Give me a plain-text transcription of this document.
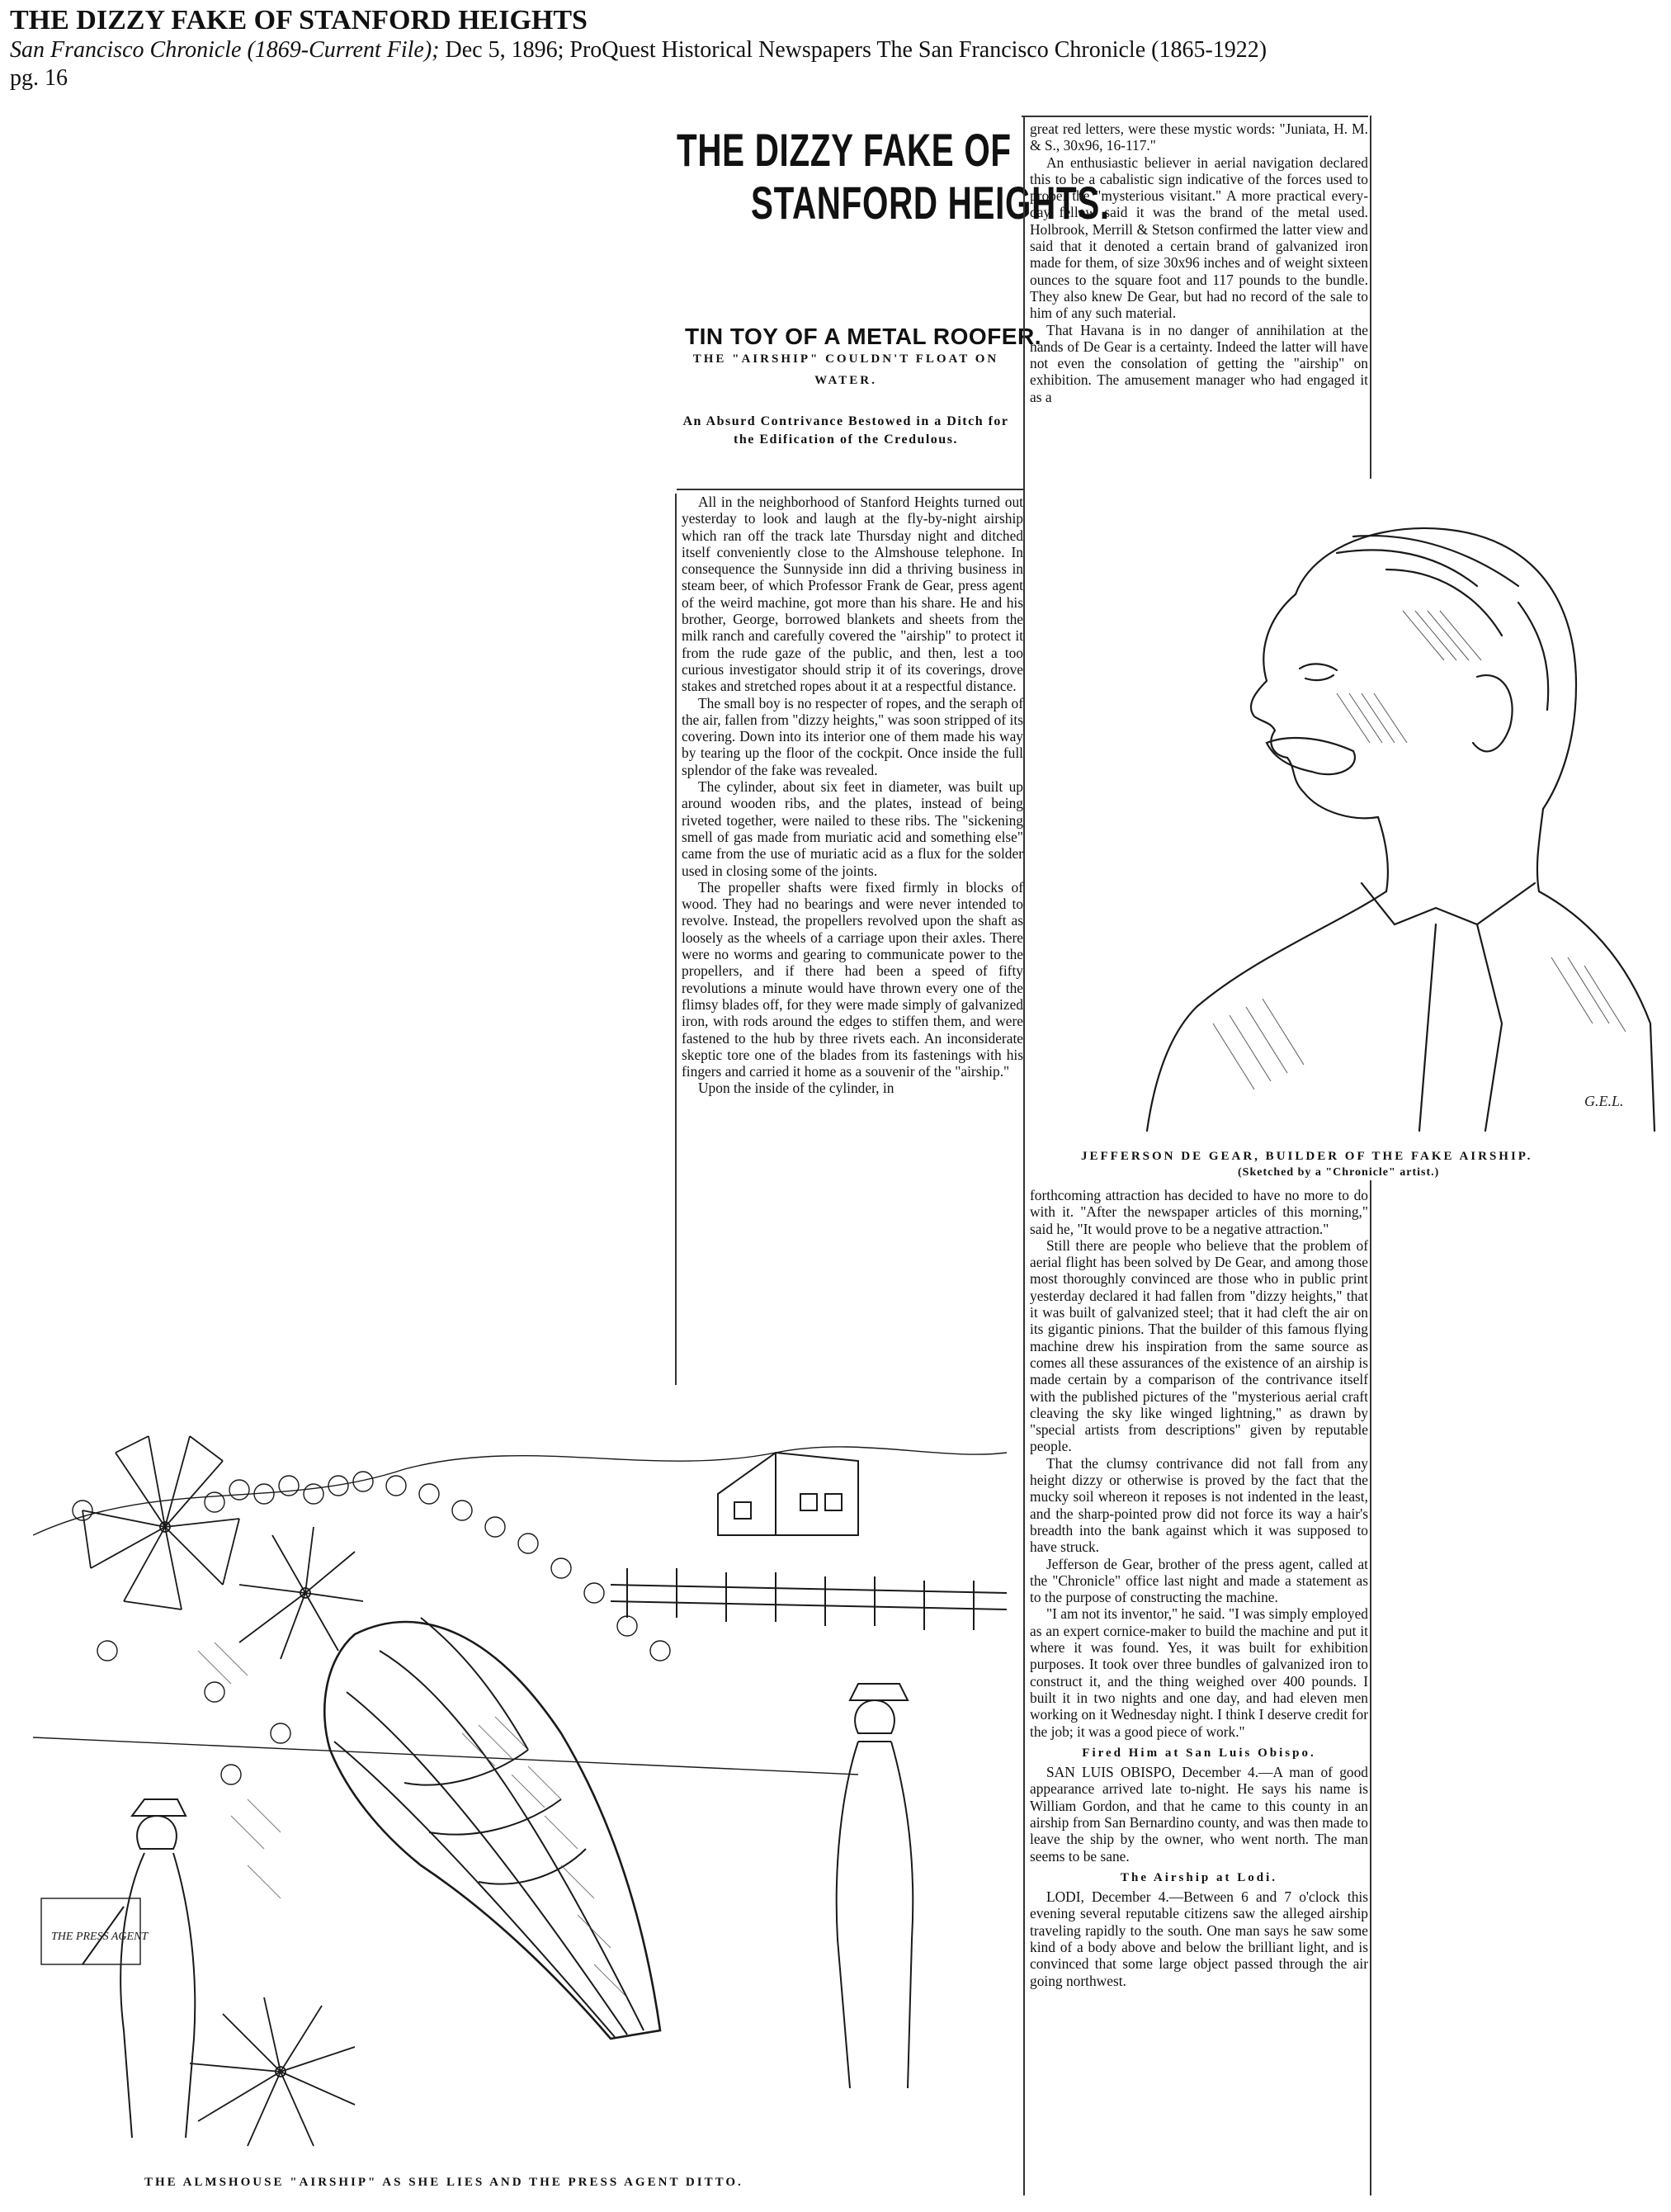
THE DIZZY FAKE OF STANFORD HEIGHTS

San Francisco Chronicle (1869-Current File); Dec 5, 1896; ProQuest Historical Newspapers The San Francisco Chronicle (1865-1922)

pg. 16

THE DIZZY FAKE OF
STANFORD HEIGHTS.
TIN TOY OF A METAL ROOFER.
THE "AIRSHIP" COULDN'T FLOAT ON WATER.
An Absurd Contrivance Bestowed in a Ditch for the Edification of the Credulous.

All in the neighborhood of Stanford Heights turned out yesterday to look and laugh at the fly-by-night airship which ran off the track late Thursday night and ditched itself conveniently close to the Almshouse telephone. In consequence the Sunnyside inn did a thriving business in steam beer, of which Professor Frank de Gear, press agent of the weird machine, got more than his share. He and his brother, George, borrowed blankets and sheets from the milk ranch and carefully covered the "airship" to protect it from the rude gaze of the public, and then, lest a too curious investigator should strip it of its coverings, drove stakes and stretched ropes about it at a respectful distance.

The small boy is no respecter of ropes, and the seraph of the air, fallen from "dizzy heights," was soon stripped of its covering. Down into its interior one of them made his way by tearing up the floor of the cockpit. Once inside the full splendor of the fake was revealed.

The cylinder, about six feet in diameter, was built up around wooden ribs, and the plates, instead of being riveted together, were nailed to these ribs. The "sickening smell of gas made from muriatic acid and something else" came from the use of muriatic acid as a flux for the solder used in closing some of the joints.

The propeller shafts were fixed firmly in blocks of wood. They had no bearings and were never intended to revolve. Instead, the propellers revolved upon the shaft as loosely as the wheels of a carriage upon their axles. There were no worms and gearing to communicate power to the propellers, and if there had been a speed of fifty revolutions a minute would have thrown every one of the flimsy blades off, for they were made simply of galvanized iron, with rods around the edges to stiffen them, and were fastened to the hub by three rivets each. An inconsiderate skeptic tore one of the blades from its fastenings with his fingers and carried it home as a souvenir of the "airship."

Upon the inside of the cylinder, in

great red letters, were these mystic words: "Juniata, H. M. & S., 30x96, 16-117."

An enthusiastic believer in aerial navigation declared this to be a cabalistic sign indicative of the forces used to propel the "mysterious visitant." A more practical every-day fellow said it was the brand of the metal used. Holbrook, Merrill & Stetson confirmed the latter view and said that it denoted a certain brand of galvanized iron made for them, of size 30x96 inches and of weight sixteen ounces to the square foot and 117 pounds to the bundle. They also knew De Gear, but had no record of the sale to him of any such material.

That Havana is in no danger of annihilation at the hands of De Gear is a certainty. Indeed the latter will have not even the consolation of getting the "airship" on exhibition. The amusement manager who had engaged it as a

G.E.L.
JEFFERSON DE GEAR, BUILDER OF THE FAKE AIRSHIP.
(Sketched by a "Chronicle" artist.)

forthcoming attraction has decided to have no more to do with it. "After the newspaper articles of this morning," said he, "It would prove to be a negative attraction."

Still there are people who believe that the problem of aerial flight has been solved by De Gear, and among those most thoroughly convinced are those who in public print yesterday declared it had fallen from "dizzy heights," that it was built of galvanized steel; that it had cleft the air on its gigantic pinions. That the builder of this famous flying machine drew his inspiration from the same source as comes all these assurances of the existence of an airship is made certain by a comparison of the contrivance itself with the published pictures of the "mysterious aerial craft cleaving the sky like winged lightning," as drawn by "special artists from descriptions" given by reputable people.

That the clumsy contrivance did not fall from any height dizzy or otherwise is proved by the fact that the mucky soil whereon it reposes is not indented in the least, and the sharp-pointed prow did not force its way a hair's breadth into the bank against which it was supposed to have struck.

Jefferson de Gear, brother of the press agent, called at the "Chronicle" office last night and made a statement as to the purpose of constructing the machine.

"I am not its inventor," he said. "I was simply employed as an expert cornice-maker to build the machine and put it where it was found. Yes, it was built for exhibition purposes. It took over three bundles of galvanized iron to construct it, and the thing weighed over 400 pounds. I built it in two nights and one day, and had eleven men working on it Wednesday night. I think I deserve credit for the job; it was a good piece of work."

Fired Him at San Luis Obispo.

SAN LUIS OBISPO, December 4.—A man of good appearance arrived late to-night. He says his name is William Gordon, and that he came to this county in an airship from San Bernardino county, and was then made to leave the ship by the owner, who went north. The man seems to be sane.

The Airship at Lodi.

LODI, December 4.—Between 6 and 7 o'clock this evening several reputable citizens saw the alleged airship traveling rapidly to the south. One man says he saw some kind of a body above and below the brilliant light, and is convinced that some large object passed through the air going northwest.

THE PRESS AGENT
THE ALMSHOUSE "AIRSHIP" AS SHE LIES AND THE PRESS AGENT DITTO.
